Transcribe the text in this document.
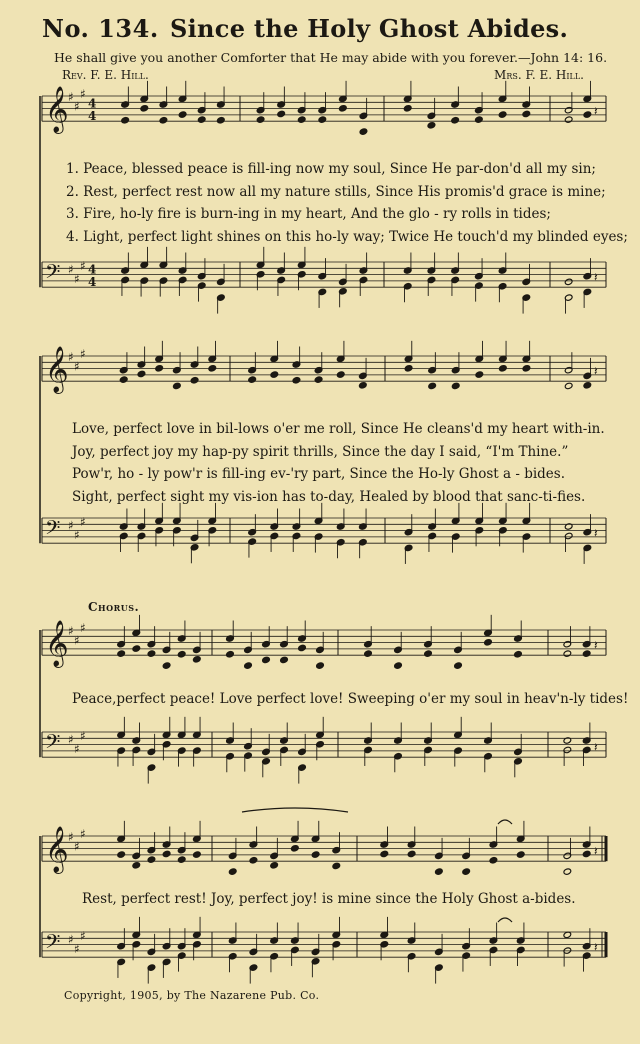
No. 134. Since the Holy Ghost Abides.
He shall give you another Comforter that He may abide with you forever.—John 14: 16.
Rev. F. E. Hill.	Mrs. F. E. Hill.
𝄞 ♯
♯
♯
4
4	𝄽
𝄢 ♯
♯
♯ 4
4	𝄽
𝄞 ♯
♯
♯
𝄽
𝄢 ♯
♯
♯
𝄽
𝄞 ♯
♯
♯
𝄽
𝄢 ♯
♯
♯
𝄽
𝄞 ♯
♯
♯
𝄽
𝄢 ♯
♯
♯
𝄽
1. Peace, blessed peace is fill-ing now my soul, Since He par-don'd all my sin;
2. Rest, perfect rest now all my nature stills, Since His promis'd grace is mine;
3. Fire, ho-ly fire is burn-ing in my heart, And the glo - ry rolls in tides;
4. Light, perfect light shines on this ho-ly way; Twice He touch'd my blinded eyes;
Love, perfect love in bil-lows o'er me roll, Since He cleans'd my heart with-in.
Joy, perfect joy my hap-py spirit thrills, Since the day I said, “I'm Thine.”
Pow'r, ho - ly pow'r is fill-ing ev-'ry part, Since the Ho-ly Ghost a - bides.
Sight, perfect sight my vis-ion has to-day, Healed by blood that sanc-ti-fies.
Chorus.
Peace,perfect peace! Love perfect love! Sweeping o'er my soul in heav'n-ly tides!
Rest, perfect rest! Joy, perfect joy! is mine since the Holy Ghost a-bides.
Copyright, 1905, by The Nazarene Pub. Co.
